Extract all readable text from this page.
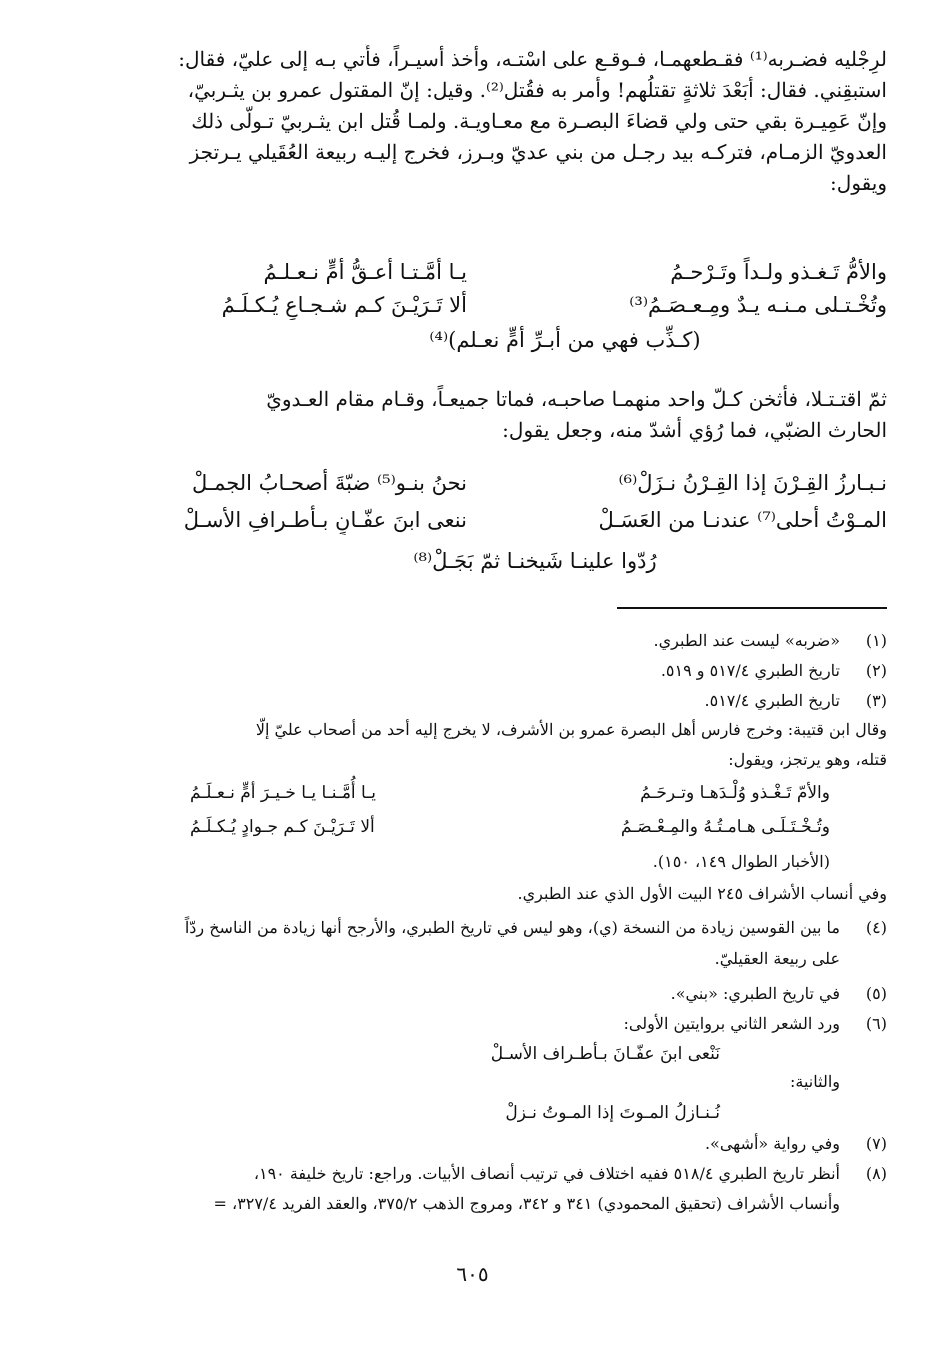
لرِجْليه فضـربه⁽¹⁾ فقـطعهمـا، فـوقـع على اسْتـه، وأخذ أسيـراً، فأُتي بـه إلى عليّ، فقال:
استبقِني. فقال: أبَعْدَ ثلاثةٍ تقتلُهم! وأمر به فقُتل⁽²⁾. وقيل: إنّ المقتول عمرو بن يثـربيّ،
وإنّ عَمِيـرة بقي حتى ولي قضاءَ البصـرة مع معـاويـة. ولمـا قُتل ابن يثـربيّ تـولّى ذلك
العدويّ الزمـام، فتركـه بيد رجـل من بني عديّ وبـرز، فخرج إليـه ربيعة العُقَيلي يـرتجز
ويقول:
يـا أمَّـتـا أعـقُّ أمٍّ نـعـلـمُ	والأمُّ تَـغـذو ولـداً وتَـرْحـمُ
ألا تَـرَيْـنَ كـم شـجـاعٍ يُـكـلَـمُ	وتُخْـتـلى مـنـه يـدٌ ومِـعـصَـمُ⁽³⁾
(كـذِّب فهي من أبـرِّ أمٍّ نعـلم)⁽⁴⁾
ثمّ اقتـتـلا، فأثخن كـلّ واحد منهمـا صاحبـه، فماتا جميعـاً، وقـام مقام العـدويّ
الحارث الضبّي، فما رُؤي أشدّ منه، وجعل يقول:
نحنُ بنـو⁽⁵⁾ ضبّةَ أصحـابُ الجمـلْ	نـبـارزُ القِـرْنَ إذا القِـرْنُ نـزَلْ⁽⁶⁾
ننعى ابنَ عفّـانٍ بـأطـرافِ الأسـلْ	المـوْتُ أحلى⁽⁷⁾ عندنـا من العَسَـلْ
رُدّوا علينـا شَيخنـا ثمّ بَجَـلْ⁽⁸⁾
(١)
«ضربه» ليست عند الطبري.
(٢)
تاريخ الطبري ٥١٧/٤ و ٥١٩.
(٣)
تاريخ الطبري ٥١٧/٤.
وقال ابن قتيبة: وخرج فارس أهل البصرة عمرو بن الأشرف، لا يخرج إليه أحد من أصحاب عليّ إلّا
قتله، وهو يرتجز، ويقول:
يـا أُمَّـنـا يـا خـيـرَ أمٍّ نـعـلَـمُ	والأمّ تَـغْـذو وُلْـدَهـا وتـرحَـمُ
ألا تَـرَيْـنَ كـم جـوادٍ يُـكـلَـمُ	وتُـخْـتَـلَـى هـامـتُـهُ والمِـعْـصَـمُ
(الأخبار الطوال ١٤٩، ١٥٠).
وفي أنساب الأشراف ٢٤٥ البيت الأول الذي عند الطبري.
(٤)
ما بين القوسين زيادة من النسخة (ي)، وهو ليس في تاريخ الطبري، والأرجح أنها زيادة من الناسخ ردّاً
على ربيعة العقيليّ.
(٥)
في تاريخ الطبري: «بني».
(٦)
ورد الشعر الثاني بروايتين الأولى:
نَنْعى ابنَ عفّـانَ بـأطـراف الأسـلْ
والثانية:
نُـنـازلُ المـوتَ إذا المـوتُ نـزلْ
(٧)
وفي رواية «أشهى».
(٨)
أنظر تاريخ الطبري ٥١٨/٤ ففيه اختلاف في ترتيب أنصاف الأبيات. وراجع: تاريخ خليفة ١٩٠،
وأنساب الأشراف (تحقيق المحمودي) ٣٤١ و ٣٤٢، ومروج الذهب ٣٧٥/٢، والعقد الفريد ٣٢٧/٤، =
٦٠٥
